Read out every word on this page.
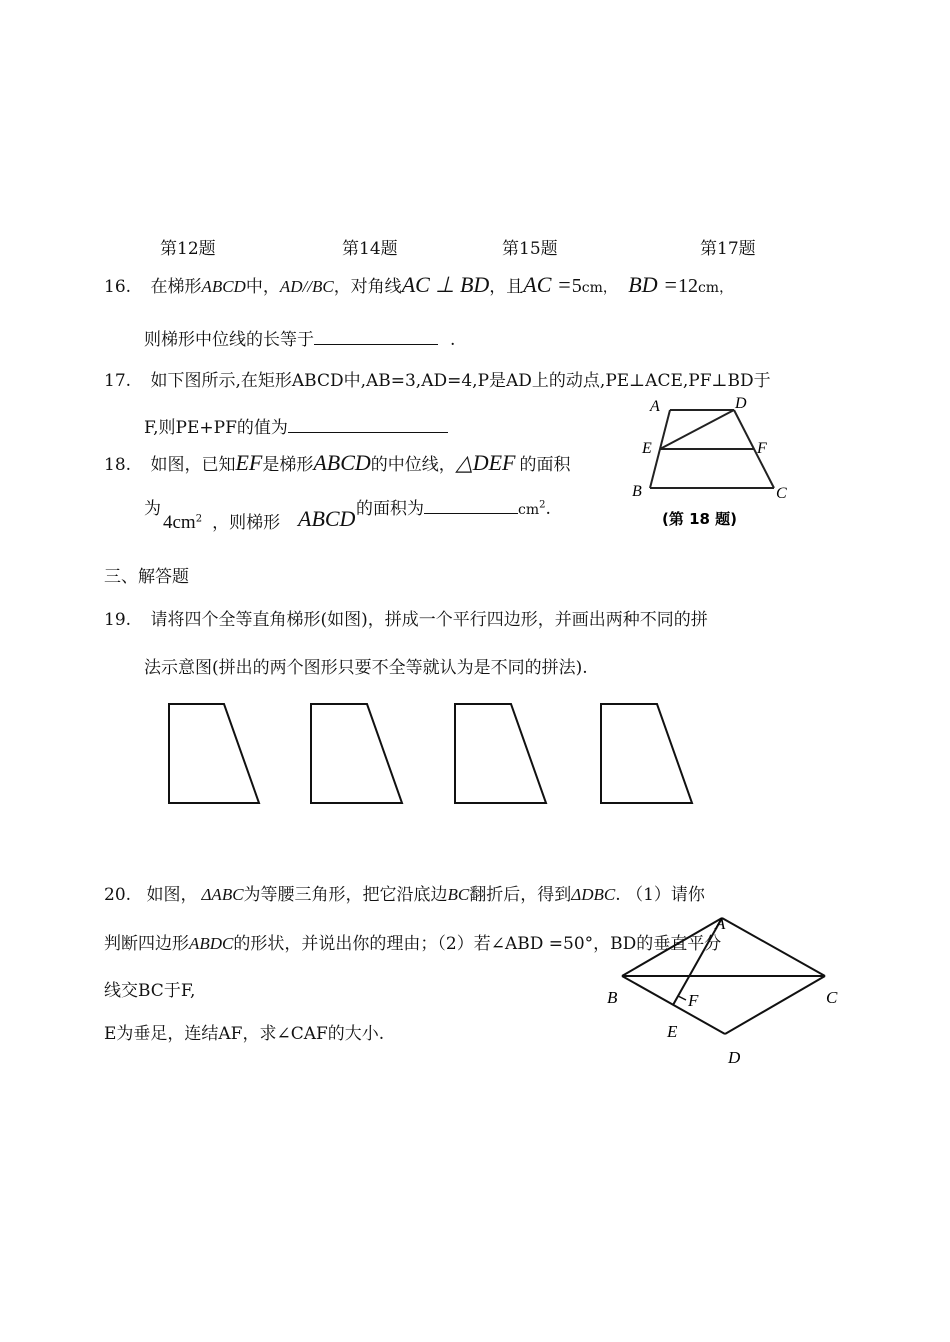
第12题	第14题	第15题	第17题
16. 在梯形ABCD中，AD//BC，对角线AC ⊥ BD，且AC =5cm， BD =12cm，
则梯形中位线的长等于	.
17. 如下图所示,在矩形ABCD中,AB=3,AD=4,P是AD上的动点,PE⊥ACE,PF⊥BD于
F,则PE+PF的值为
18. 如图，已知EF是梯形ABCD的中位线，△DEF 的面积
为
$4cm^2$ ，则梯形 ABCD 的面积为	$cm^2$.
A	D
E	F
B	C
(第 18 题)
三、解答题
19. 请将四个全等直角梯形(如图)，拼成一个平行四边形，并画出两种不同的拼
法示意图(拼出的两个图形只要不全等就认为是不同的拼法).
20. 如图， ΔABC为等腰三角形，把它沿底边BC翻折后，得到ΔDBC. （1）请你
判断四边形ABDC的形状，并说出你的理由；（2）若∠ABD =50°，BD的垂直平分
线交BC于F,
E为垂足，连结AF，求∠CAF的大小.
A
B	F	C
E
D
